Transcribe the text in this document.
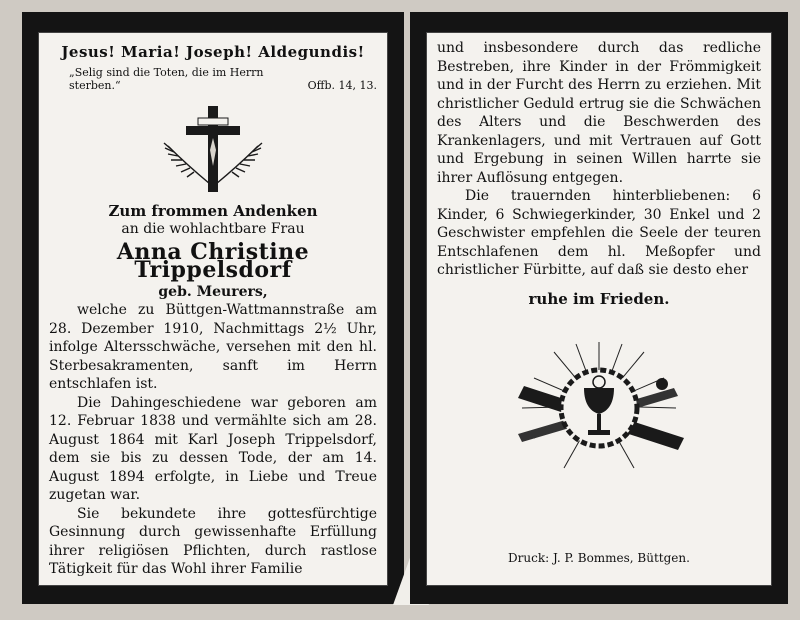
Jesus! Maria! Joseph! Aldegundis!
„Selig sind die Toten, die im Herrn
sterben.“	Offb. 14, 13.
Zum frommen Andenken
an die wohlachtbare Frau
Anna Christine Trippelsdorf
geb. Meurers,

welche zu Büttgen-Wattmannstraße am 28. Dezember 1910, Nachmittags 2½ Uhr, infolge Altersschwäche, versehen mit den hl. Sterbesakramenten, sanft im Herrn entschlafen ist.

Die Dahingeschiedene war geboren am 12. Februar 1838 und vermählte sich am 28. August 1864 mit Karl Joseph Trippelsdorf, dem sie bis zu dessen Tode, der am 14. August 1894 erfolgte, in Liebe und Treue zugetan war.

Sie bekundete ihre gottesfürchtige Gesinnung durch gewissenhafte Erfüllung ihrer religiösen Pflichten, durch rastlose Tätigkeit für das Wohl ihrer Familie

und insbesondere durch das redliche Bestreben, ihre Kinder in der Frömmigkeit und in der Furcht des Herrn zu erziehen. Mit christlicher Geduld ertrug sie die Schwächen des Alters und die Beschwerden des Krankenlagers, und mit Vertrauen auf Gott und Ergebung in seinen Willen harrte sie ihrer Auflösung entgegen.

Die trauernden hinterbliebenen: 6 Kinder, 6 Schwiegerkinder, 30 Enkel und 2 Geschwister empfehlen die Seele der teuren Entschlafenen dem hl. Meßopfer und christlicher Fürbitte, auf daß sie desto eher

ruhe im Frieden.
Druck: J. P. Bommes, Büttgen.
